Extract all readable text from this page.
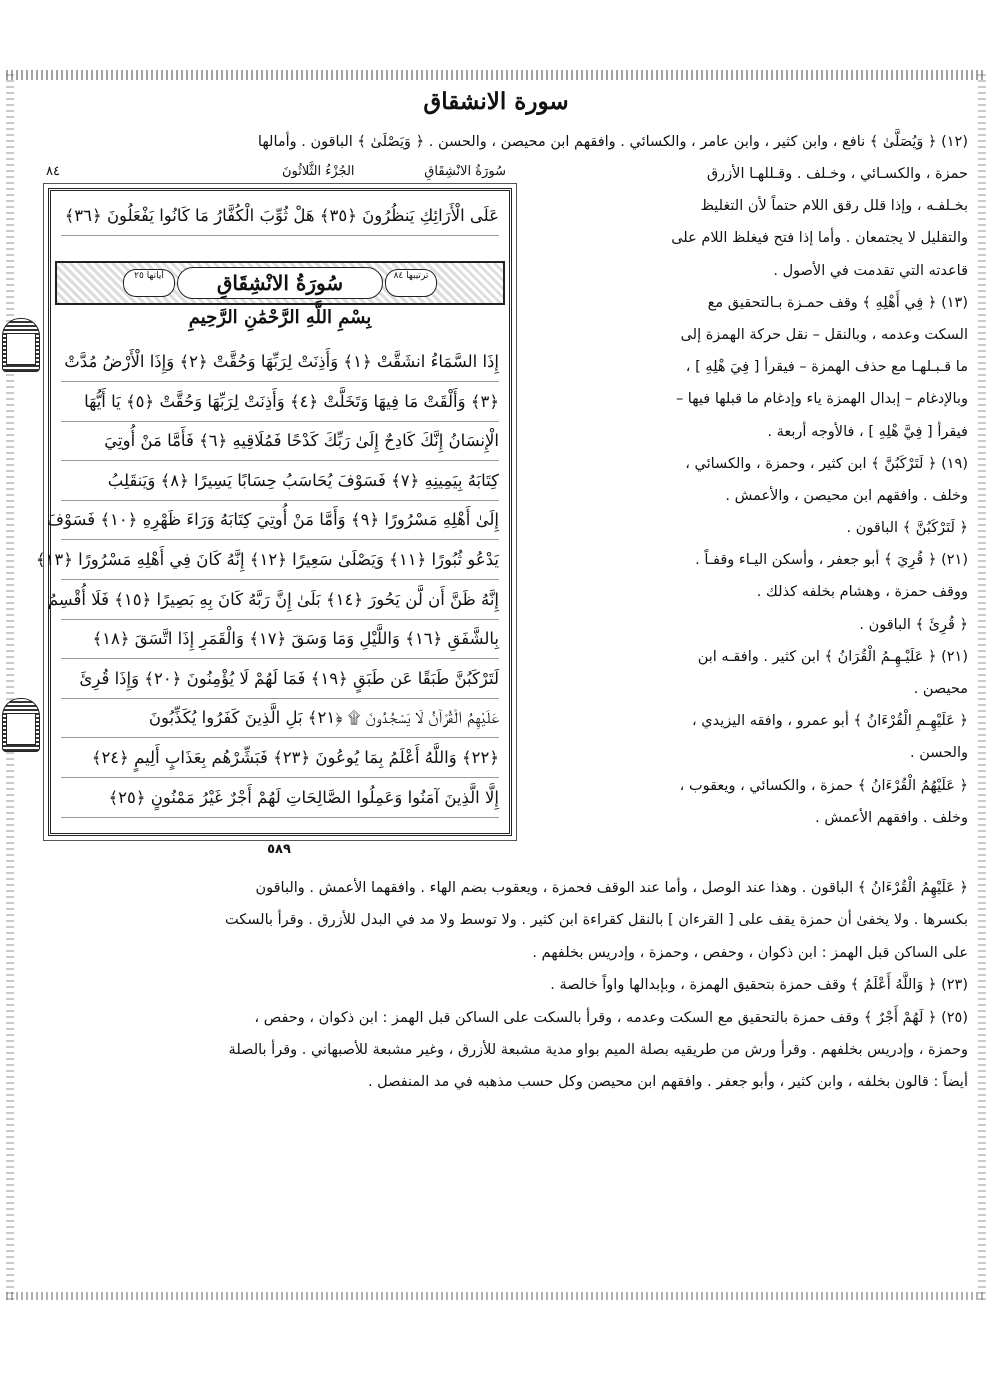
سورة الانشقاق
(١٢) ﴿ وَيُصَلَّىٰ ﴾ نافع ، وابن كثير ، وابن عامر ، والكسائي . وافقهم ابن محيصن ، والحسن . ﴿ وَيَصْلَىٰ ﴾ الباقون . وأمالها
حمزة ، والكسـائي ، وخـلف . وقـللهـا الأزرق
بخـلفـه ، وإذا قلل رقق اللام حتماً لأن التغليظ
والتقليل لا يجتمعان . وأما إذا فتح فيغلظ اللام على
قاعدته التي تقدمت في الأصول .
(١٣) ﴿ فِي أَهْلِهِ ﴾ وقف حمـزة بـالتحقيق مع
السكت وعدمه ، وبالنقل – نقل حركة الهمزة إلى
ما قـبـلهـا مع حذف الهمزة – فيقرأ [ فِيَ هْلِهِ ] ،
وبالإدغام – إبدال الهمزة ياء وإدغام ما قبلها فيها –
فيقرأ [ فِيَّ هْلِهِ ] ، فالأوجه أربعة .
(١٩) ﴿ لَتَرْكَبُنَّ ﴾ ابن كثير ، وحمزة ، والكسائي ،
وخلف . وافقهم ابن محيصن ، والأعمش .
﴿ لَتَرْكَبُنَّ ﴾ الباقون .
(٢١) ﴿ قُرِيَ ﴾ أبو جعفر ، وأسكن اليـاء وقفـاً .
ووقف حمزة ، وهشام بخلفه كذلك .
﴿ قُرِئَ ﴾ الباقون .
(٢١) ﴿ عَلَيْـهِـمُ الْقُرَانُ ﴾ ابن كثير . وافقـه ابن
محيصن .
﴿ عَلَيْهِـمِ الْقُرْءَانُ ﴾ أبو عمرو ، وافقه اليزيدي ،
والحسن .
﴿ عَلَيْهُمُ الْقُرْءَانُ ﴾ حمزة ، والكسائي ، ويعقوب ،
وخلف . وافقهم الأعمش .
٨٤	سُورَةُ الانْشِقَاقِ
الجُزْءُ الثَّلاثُونَ
عَلَى الْأَرَائِكِ يَنظُرُونَ ﴿٣٥﴾ هَلْ ثُوِّبَ الْكُفَّارُ مَا كَانُوا يَفْعَلُونَ ﴿٣٦﴾
إِذَا السَّمَاءُ انشَقَّتْ ﴿١﴾ وَأَذِنَتْ لِرَبِّهَا وَحُقَّتْ ﴿٢﴾ وَإِذَا الْأَرْضُ مُدَّتْ
﴿٣﴾ وَأَلْقَتْ مَا فِيهَا وَتَخَلَّتْ ﴿٤﴾ وَأَذِنَتْ لِرَبِّهَا وَحُقَّتْ ﴿٥﴾ يَا أَيُّهَا
الْإِنسَانُ إِنَّكَ كَادِحٌ إِلَىٰ رَبِّكَ كَدْحًا فَمُلَاقِيهِ ﴿٦﴾ فَأَمَّا مَنْ أُوتِيَ
كِتَابَهُ بِيَمِينِهِ ﴿٧﴾ فَسَوْفَ يُحَاسَبُ حِسَابًا يَسِيرًا ﴿٨﴾ وَيَنقَلِبُ
إِلَىٰ أَهْلِهِ مَسْرُورًا ﴿٩﴾ وَأَمَّا مَنْ أُوتِيَ كِتَابَهُ وَرَاءَ ظَهْرِهِ ﴿١٠﴾ فَسَوْفَ
يَدْعُو ثُبُورًا ﴿١١﴾ وَيَصْلَىٰ سَعِيرًا ﴿١٢﴾ إِنَّهُ كَانَ فِي أَهْلِهِ مَسْرُورًا ﴿١٣﴾
إِنَّهُ ظَنَّ أَن لَّن يَحُورَ ﴿١٤﴾ بَلَىٰ إِنَّ رَبَّهُ كَانَ بِهِ بَصِيرًا ﴿١٥﴾ فَلَا أُقْسِمُ
بِالشَّفَقِ ﴿١٦﴾ وَاللَّيْلِ وَمَا وَسَقَ ﴿١٧﴾ وَالْقَمَرِ إِذَا اتَّسَقَ ﴿١٨﴾
لَتَرْكَبُنَّ طَبَقًا عَن طَبَقٍ ﴿١٩﴾ فَمَا لَهُمْ لَا يُؤْمِنُونَ ﴿٢٠﴾ وَإِذَا قُرِئَ
عَلَيْهِمُ الْقُرْآنُ لَا يَسْجُدُونَ ۩ ﴿٢١﴾ بَلِ الَّذِينَ كَفَرُوا يُكَذِّبُونَ
﴿٢٢﴾ وَاللَّهُ أَعْلَمُ بِمَا يُوعُونَ ﴿٢٣﴾ فَبَشِّرْهُم بِعَذَابٍ أَلِيمٍ ﴿٢٤﴾
إِلَّا الَّذِينَ آمَنُوا وَعَمِلُوا الصَّالِحَاتِ لَهُمْ أَجْرٌ غَيْرُ مَمْنُونٍ ﴿٢٥﴾
ترتيبها ٨٤
سُورَةُ الانْشِقَاقِ
آياتها ٢٥
بِسْمِ اللَّهِ الرَّحْمَٰنِ الرَّحِيمِ
٥٨٩
﴿ عَلَيْهِمُ الْقُرْءَانُ ﴾ الباقون . وهذا عند الوصل ، وأما عند الوقف فحمزة ، ويعقوب بضم الهاء . وافقهما الأعمش . والباقون
بكسرها . ولا يخفىٰ أن حمزة يقف على [ القرءان ] بالنقل كقراءة ابن كثير . ولا توسط ولا مد في البدل للأزرق . وقرأ بالسكت
على الساكن قبل الهمز : ابن ذكوان ، وحفص ، وحمزة ، وإدريس بخلفهم .
(٢٣) ﴿ وَاللَّهُ أَعْلَمُ ﴾ وقف حمزة بتحقيق الهمزة ، وبإبدالها واواً خالصة .
(٢٥) ﴿ لَهُمْ أَجْرٌ ﴾ وقف حمزة بالتحقيق مع السكت وعدمه ، وقرأ بالسكت على الساكن قبل الهمز : ابن ذكوان ، وحفص ،
وحمزة ، وإدريس بخلفهم . وقرأ ورش من طريقيه بصلة الميم بواو مدية مشبعة للأزرق ، وغير مشبعة للأصبهاني . وقرأ بالصلة
أيضاً : قالون بخلفه ، وابن كثير ، وأبو جعفر . وافقهم ابن محيصن وكل حسب مذهبه في مد المنفصل .
